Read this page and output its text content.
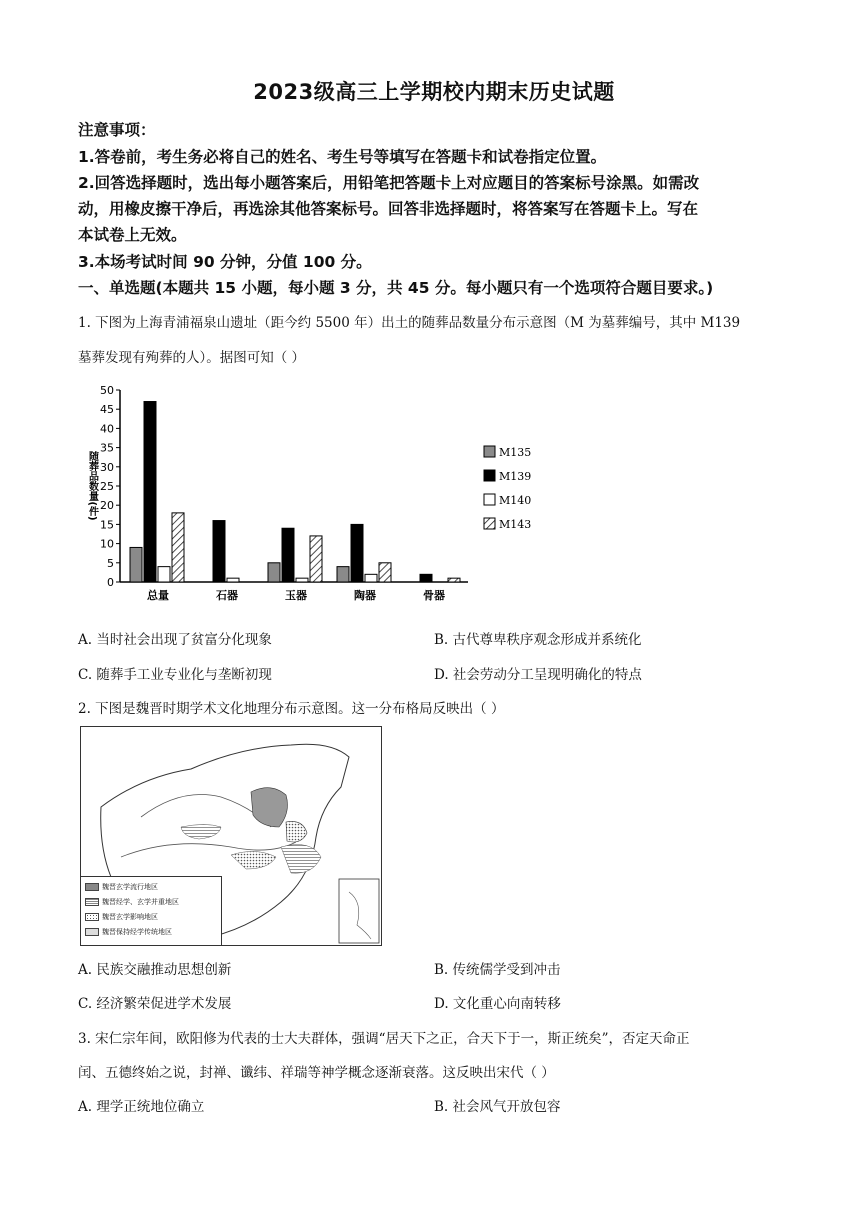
2023级高三上学期校内期末历史试题
注意事项：
1.答卷前，考生务必将自己的姓名、考生号等填写在答题卡和试卷指定位置。
2.回答选择题时，选出每小题答案后，用铅笔把答题卡上对应题目的答案标号涂黑。如需改
动，用橡皮擦干净后，再选涂其他答案标号。回答非选择题时，将答案写在答题卡上。写在
本试卷上无效。
3.本场考试时间 90 分钟，分值 100 分。
一、单选题(本题共 15 小题，每小题 3 分，共 45 分。每小题只有一个选项符合题目要求。)
1. 下图为上海青浦福泉山遗址（距今约 5500 年）出土的随葬品数量分布示意图（M 为墓葬编号，其中 M139
墓葬发现有殉葬的人）。据图可知（ ）
0
5
10
15
20
25
30
35
40
45
50
随葬品数量(件)
总量	石器	玉器	陶器	骨器
M135
M139
M140
M143
A. 当时社会出现了贫富分化现象	B. 古代尊卑秩序观念形成并系统化
C. 随葬手工业专业化与垄断初现	D. 社会劳动分工呈现明确化的特点
2. 下图是魏晋时期学术文化地理分布示意图。这一分布格局反映出（ ）
魏晋玄学流行地区
魏晋经学、玄学并重地区
魏晋玄学影响地区
魏晋保持经学传统地区
A. 民族交融推动思想创新	B. 传统儒学受到冲击
C. 经济繁荣促进学术发展	D. 文化重心向南转移
3. 宋仁宗年间，欧阳修为代表的士大夫群体，强调“居天下之正，合天下于一，斯正统矣”，否定天命正
闰、五德终始之说，封禅、谶纬、祥瑞等神学概念逐渐衰落。这反映出宋代（ ）
A. 理学正统地位确立	B. 社会风气开放包容
